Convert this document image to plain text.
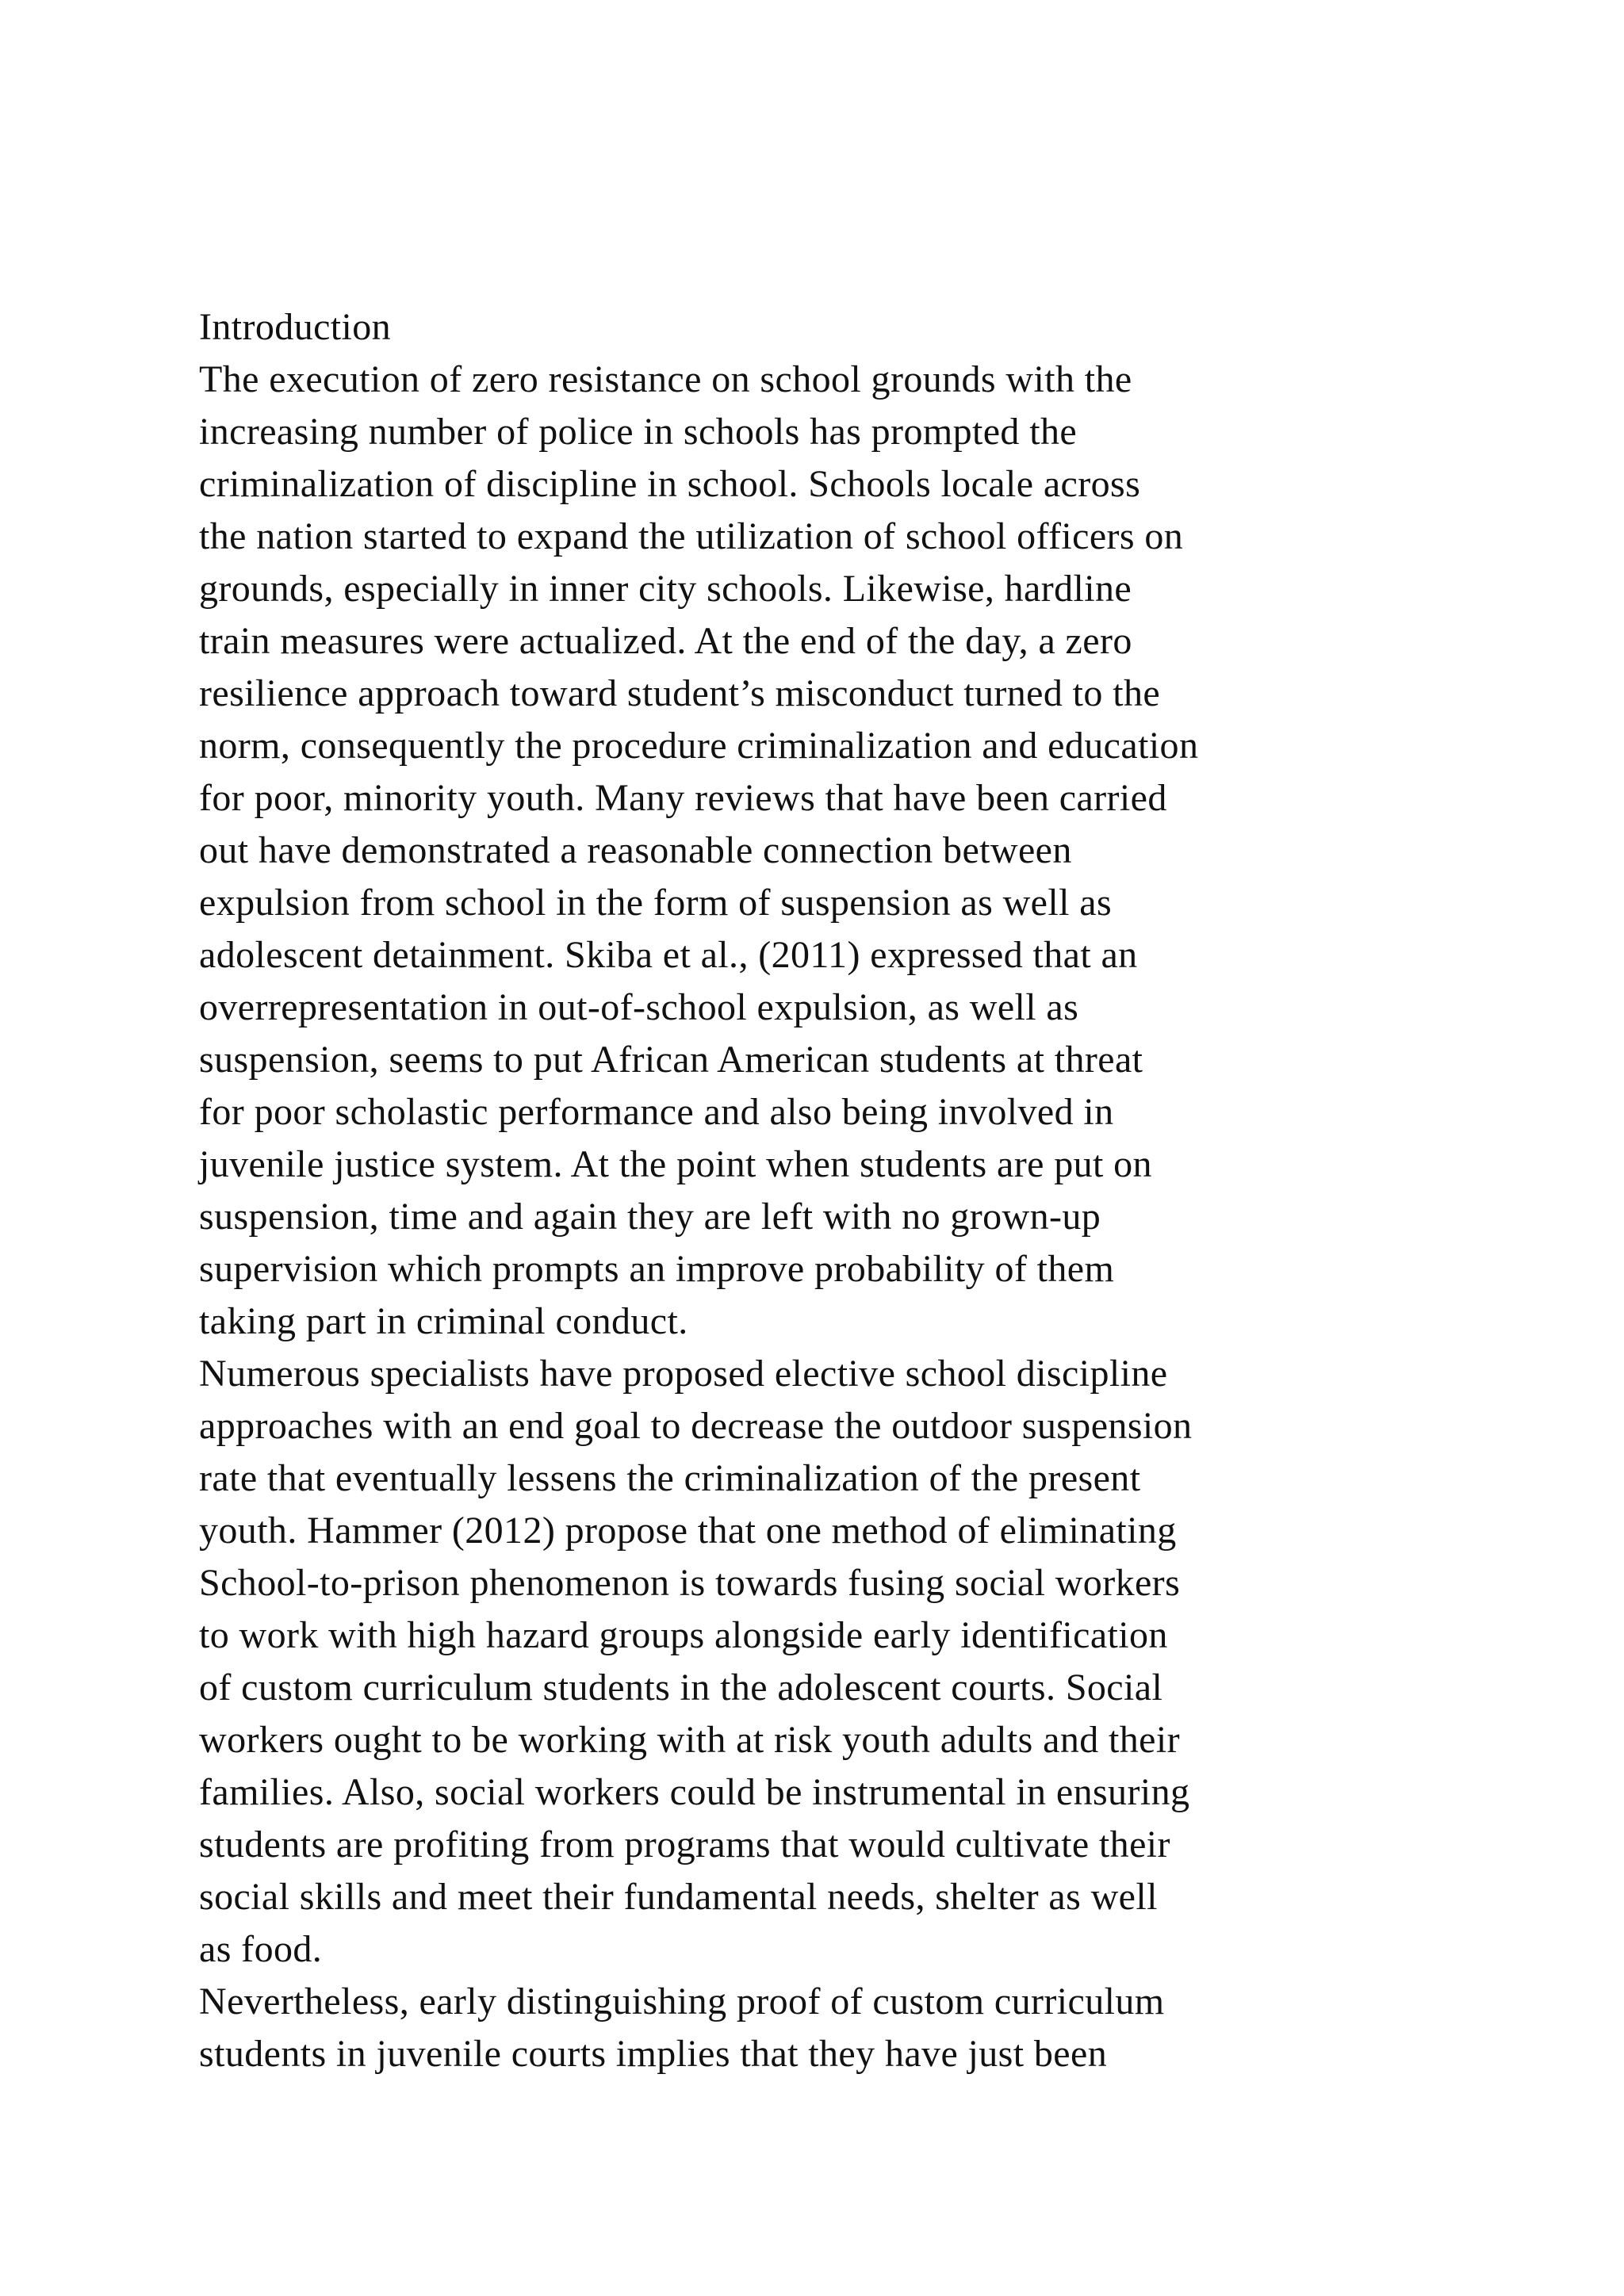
Introduction
The execution of zero resistance on school grounds with the
increasing number of police in schools has prompted the
criminalization of discipline in school. Schools locale across
the nation started to expand the utilization of school officers on
grounds, especially in inner city schools. Likewise, hardline
train measures were actualized. At the end of the day, a zero
resilience approach toward student’s misconduct turned to the
norm, consequently the procedure criminalization and education
for poor, minority youth. Many reviews that have been carried
out have demonstrated a reasonable connection between
expulsion from school in the form of suspension as well as
adolescent detainment. Skiba et al., (2011) expressed that an
overrepresentation in out-of-school expulsion, as well as
suspension, seems to put African American students at threat
for poor scholastic performance and also being involved in
juvenile justice system. At the point when students are put on
suspension, time and again they are left with no grown-up
supervision which prompts an improve probability of them
taking part in criminal conduct.
Numerous specialists have proposed elective school discipline
approaches with an end goal to decrease the outdoor suspension
rate that eventually lessens the criminalization of the present
youth. Hammer (2012) propose that one method of eliminating
School-to-prison phenomenon is towards fusing social workers
to work with high hazard groups alongside early identification
of custom curriculum students in the adolescent courts. Social
workers ought to be working with at risk youth adults and their
families. Also, social workers could be instrumental in ensuring
students are profiting from programs that would cultivate their
social skills and meet their fundamental needs, shelter as well
as food.
Nevertheless, early distinguishing proof of custom curriculum
students in juvenile courts implies that they have just been
